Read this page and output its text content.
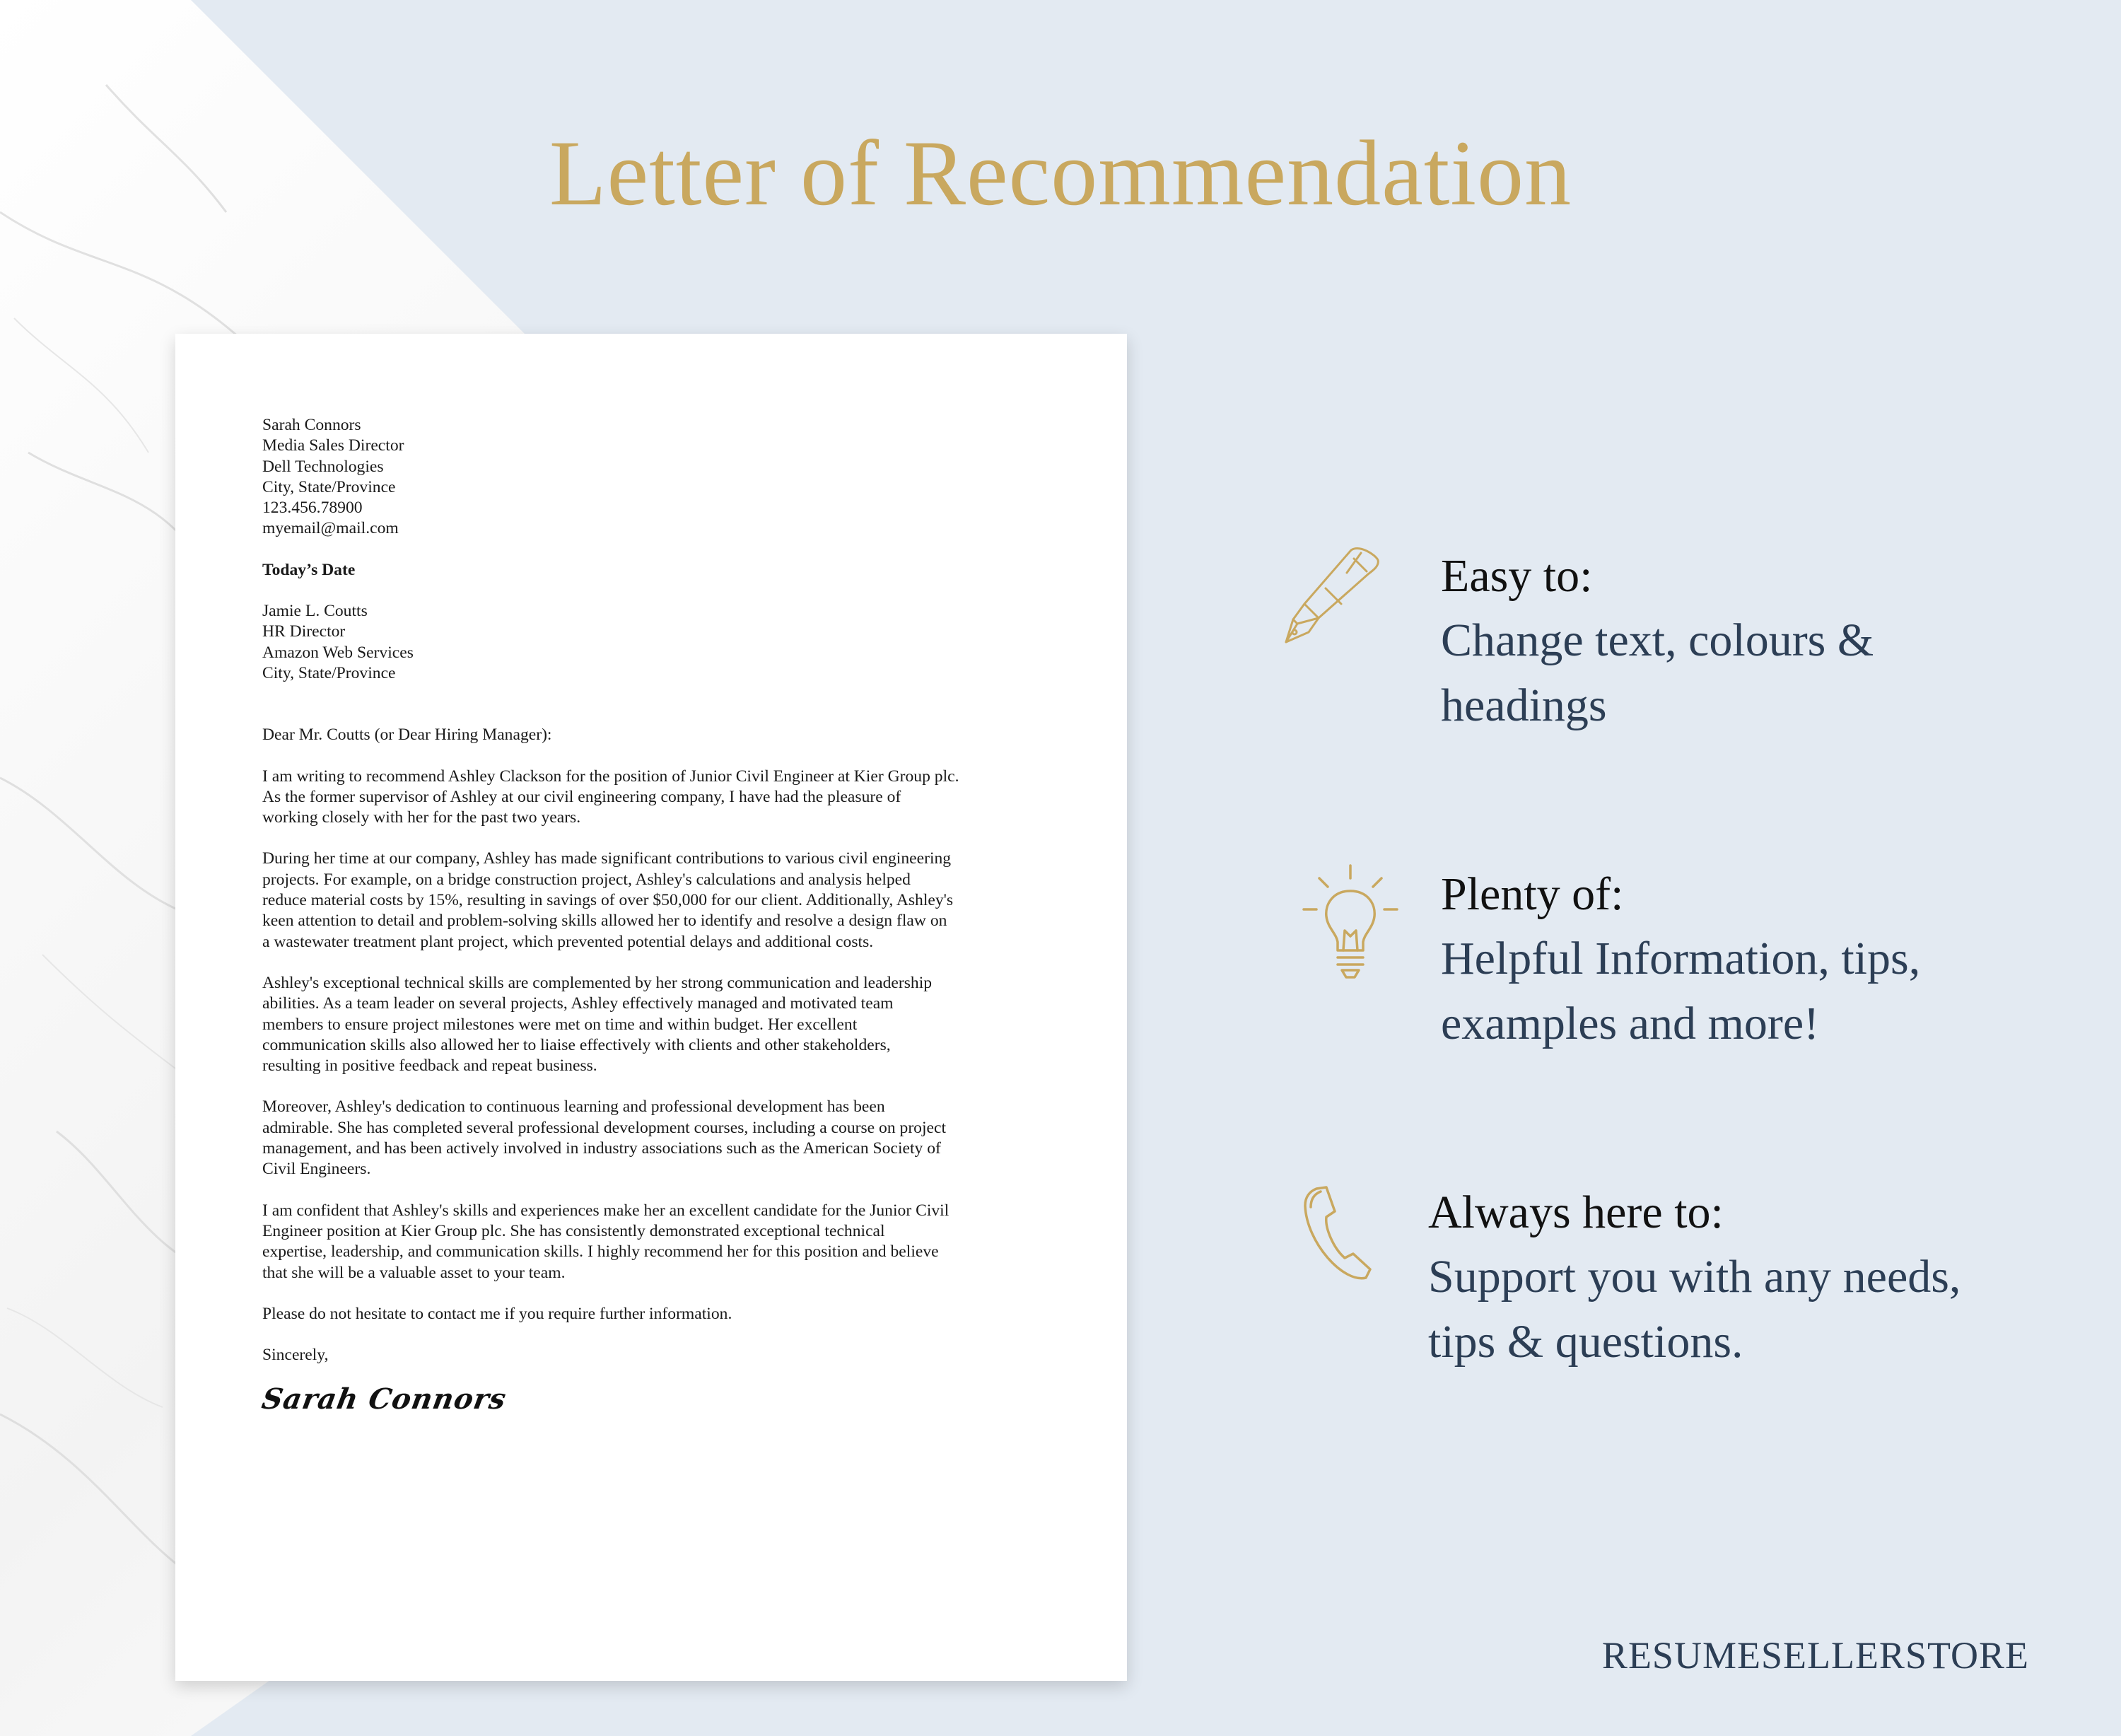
Letter of Recommendation
Sarah Connors
Media Sales Director
Dell Technologies
City, State/Province
123.456.78900
myemail@mail.com
Today’s Date
Jamie L. Coutts
HR Director
Amazon Web Services
City, State/Province
Dear Mr. Coutts (or Dear Hiring Manager):
I am writing to recommend Ashley Clackson for the position of Junior Civil Engineer at Kier Group plc.
As the former supervisor of Ashley at our civil engineering company, I have had the pleasure of
working closely with her for the past two years.
During her time at our company, Ashley has made significant contributions to various civil engineering
projects. For example, on a bridge construction project, Ashley's calculations and analysis helped
reduce material costs by 15%, resulting in savings of over $50,000 for our client. Additionally, Ashley's
keen attention to detail and problem-solving skills allowed her to identify and resolve a design flaw on
a wastewater treatment plant project, which prevented potential delays and additional costs.
Ashley's exceptional technical skills are complemented by her strong communication and leadership
abilities. As a team leader on several projects, Ashley effectively managed and motivated team
members to ensure project milestones were met on time and within budget. Her excellent
communication skills also allowed her to liaise effectively with clients and other stakeholders,
resulting in positive feedback and repeat business.
Moreover, Ashley's dedication to continuous learning and professional development has been
admirable. She has completed several professional development courses, including a course on project
management, and has been actively involved in industry associations such as the American Society of
Civil Engineers.
I am confident that Ashley's skills and experiences make her an excellent candidate for the Junior Civil
Engineer position at Kier Group plc. She has consistently demonstrated exceptional technical
expertise, leadership, and communication skills. I highly recommend her for this position and believe
that she will be a valuable asset to your team.
Please do not hesitate to contact me if you require further information.
Sincerely,
Sarah Connors
Easy to:
Change text, colours &
headings
Plenty of:
Helpful Information, tips,
examples and more!
Always here to:
Support you with any needs,
tips & questions.
RESUMESELLERSTORE
